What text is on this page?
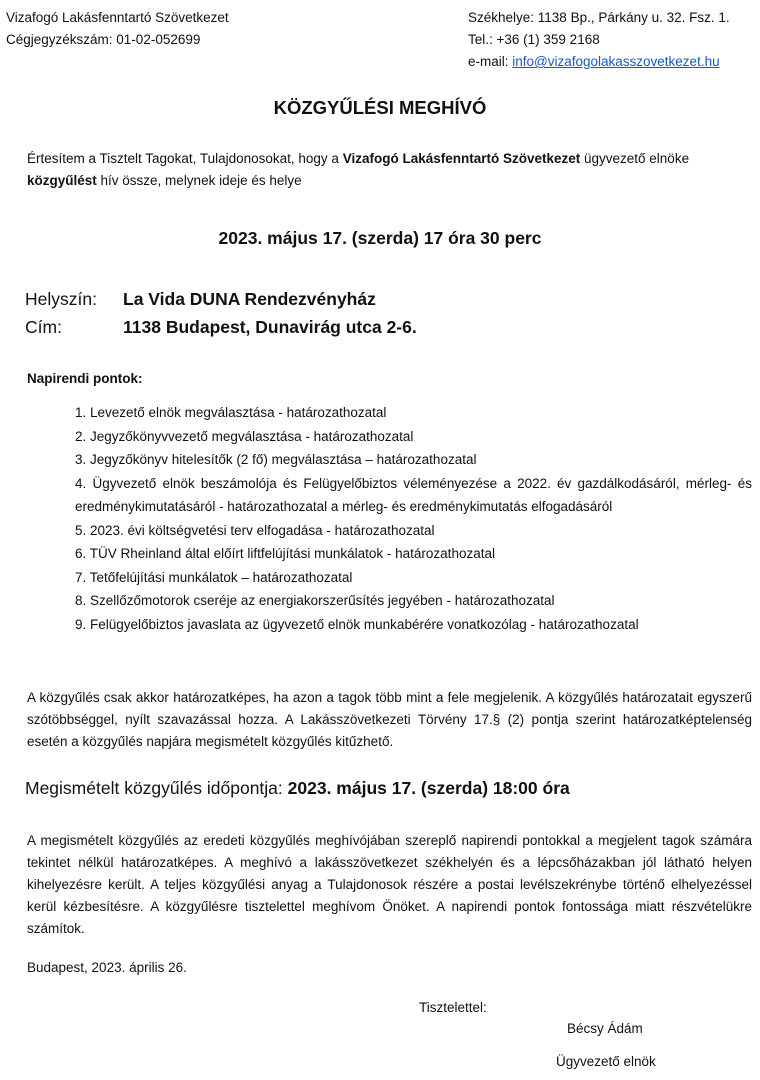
Vizafogó Lakásfenntartó Szövetkezet
Cégjegyzékszám: 01-02-052699
Székhelye: 1138 Bp., Párkány u. 32. Fsz. 1.
Tel.: +36 (1) 359 2168
e-mail: info@vizafogolakasszovetkezet.hu
KÖZGYŰLÉSI MEGHÍVÓ
Értesítem a Tisztelt Tagokat, Tulajdonosokat, hogy a Vizafogó Lakásfenntartó Szövetkezet ügyvezető elnöke közgyűlést hív össze, melynek ideje és helye
2023. május 17. (szerda) 17 óra 30 perc
Helyszín: La Vida DUNA Rendezvényház
Cím:	1138 Budapest, Dunavirág utca 2-6.
Napirendi pontok:
1. Levezető elnök megválasztása - határozathozatal
2. Jegyzőkönyvvezető megválasztása - határozathozatal
3. Jegyzőkönyv hitelesítők (2 fő) megválasztása – határozathozatal
4. Ügyvezető elnök beszámolója és Felügyelőbiztos véleményezése a 2022. év gazdálkodásáról, mérleg- és eredménykimutatásáról - határozathozatal a mérleg- és eredménykimutatás elfogadásáról
5. 2023. évi költségvetési terv elfogadása - határozathozatal
6. TÜV Rheinland által előírt liftfelújítási munkálatok - határozathozatal
7. Tetőfelújítási munkálatok – határozathozatal
8. Szellőzőmotorok cseréje az energiakorszerűsítés jegyében - határozathozatal
9. Felügyelőbiztos javaslata az ügyvezető elnök munkabérére vonatkozólag - határozathozatal
A közgyűlés csak akkor határozatképes, ha azon a tagok több mint a fele megjelenik. A közgyűlés határozatait egyszerű szótöbbséggel, nyílt szavazással hozza. A Lakásszövetkezeti Törvény 17.§ (2) pontja szerint határozatképtelenség esetén a közgyűlés napjára megismételt közgyűlés kitűzhető.
Megismételt közgyűlés időpontja: 2023. május 17. (szerda) 18:00 óra
A megismételt közgyűlés az eredeti közgyűlés meghívójában szereplő napirendi pontokkal a megjelent tagok számára tekintet nélkül határozatképes. A meghívó a lakásszövetkezet székhelyén és a lépcsőházakban jól látható helyen kihelyezésre került. A teljes közgyűlési anyag a Tulajdonosok részére a postai levélszekrénybe történő elhelyezéssel kerül kézbesítésre. A közgyűlésre tisztelettel meghívom Önöket. A napirendi pontok fontossága miatt részvételükre számítok.
Budapest, 2023. április 26.
Tisztelettel:
Bécsy Ádám
Ügyvezető elnök
